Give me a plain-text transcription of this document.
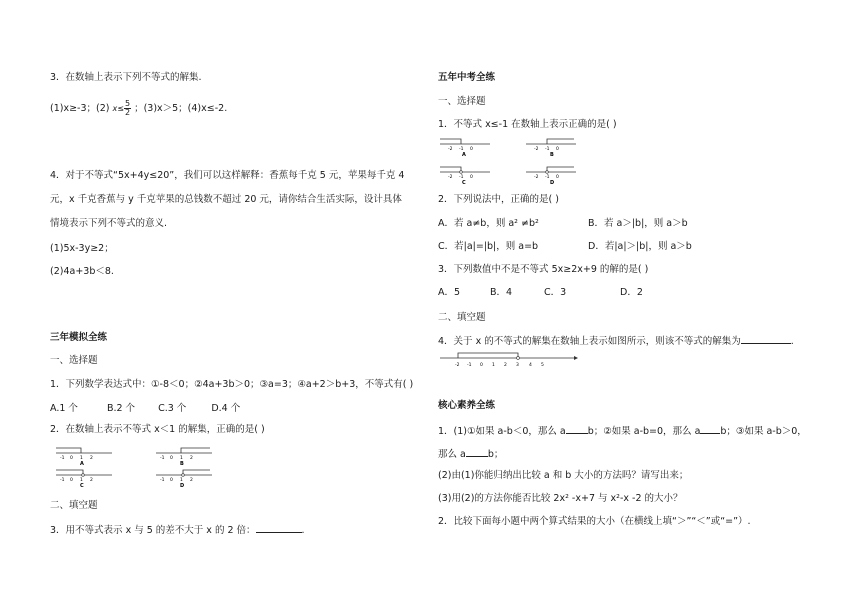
3．在数轴上表示下列不等式的解集.
(1)x≥-3；(2) $x\le \frac{5}{2}$ ；(3)x＞5；(4)x≤-2.
4．对于不等式“5x+4y≤20”，我们可以这样解释：香蕉每千克 5 元，苹果每千克 4
元，x 千克香蕉与 y 千克苹果的总钱数不超过 20 元，请你结合生活实际，设计具体
情境表示下列不等式的意义.
(1)5x-3y≥2；
(2)4a+3b＜8.
三年模拟全练
一、选择题
1．下列数学表达式中：①-8＜0；②4a+3b＞0；③a=3；④a+2＞b+3，不等式有( )
A.1 个	B.2 个 C.3 个	D.4 个
2．在数轴上表示不等式 x＜1 的解集，正确的是( )
-1 0 1 2
A
-1 0 1 2
B
-1 0 1 2
C
-1 0 1 2
D
二、填空题
3．用不等式表示 x 与 5 的差不大于 x 的 2 倍：	.
五年中考全练
一、选择题
1．不等式 x≤-1 在数轴上表示正确的是( )
-2 -1 0
A
-2 -1 0
B
-2 -1 0
C
-2 -1 0
D
2．下列说法中，正确的是( )
A．若 a≠b，则 a² ≠b²	B．若 a＞|b|，则 a＞b
C．若|a|=|b|，则 a=b	D．若|a|＞|b|，则 a＞b
3．下列数值中不是不等式 5x≥2x+9 的解的是( )
A．5	B．4	C．3	D．2
二、填空题
4．关于 x 的不等式的解集在数轴上表示如图所示，则该不等式的解集为	.
-2 -1 0 1 2 3 4 5
核心素养全练
1．(1)①如果 a-b＜0，那么 a b；②如果 a-b=0，那么 a b；③如果 a-b＞0，
那么 a b；
(2)由(1)你能归纳出比较 a 和 b 大小的方法吗？请写出来；
(3)用(2)的方法你能否比较 2x² -x+7 与 x²-x -2 的大小？
2．比较下面每小题中两个算式结果的大小（在横线上填“＞”“＜”或“=”）.
